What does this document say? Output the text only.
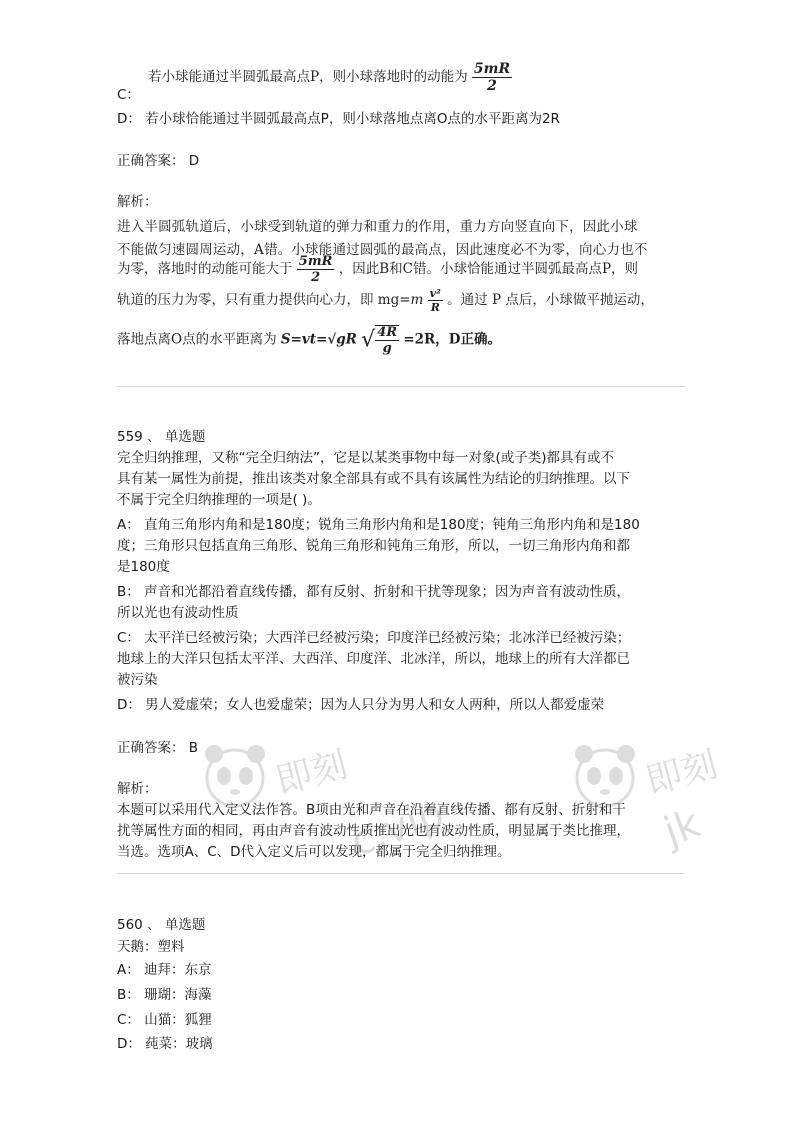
即刻
c.vip
即刻
jk
若小球能通过半圆弧最高点P，则小球落地时的动能为 $\frac{5mR}{2}$
C：
D： 若小球恰能通过半圆弧最高点P，则小球落地点离O点的水平距离为2R
正确答案： D
解析：
进入半圆弧轨道后，小球受到轨道的弹力和重力的作用，重力方向竖直向下，因此小球
不能做匀速圆周运动，A错。小球能通过圆弧的最高点，因此速度必不为零，向心力也不
为零，落地时的动能可能大于 $\frac{5mR}{2}$ ，因此B和C错。小球恰能通过半圆弧最高点P，则
轨道的压力为零，只有重力提供向心力，即 $mg=m \frac{\text{v²}}{R}$ 。通过 P 点后，小球做平抛运动，
落地点离O点的水平距离为 S=vt=√gR √ $\frac{4R}{g} =2R$，D正确。
559 、 单选题
完全归纳推理，又称“完全归纳法”，它是以某类事物中每一对象(或子类)都具有或不
具有某一属性为前提，推出该类对象全部具有或不具有该属性为结论的归纳推理。以下
不属于完全归纳推理的一项是( )。
A： 直角三角形内角和是180度；锐角三角形内角和是180度；钝角三角形内角和是180
度；三角形只包括直角三角形、锐角三角形和钝角三角形，所以，一切三角形内角和都
是180度
B： 声音和光都沿着直线传播，都有反射、折射和干扰等现象；因为声音有波动性质，
所以光也有波动性质
C： 太平洋已经被污染；大西洋已经被污染；印度洋已经被污染；北冰洋已经被污染；
地球上的大洋只包括太平洋、大西洋、印度洋、北冰洋，所以，地球上的所有大洋都已
被污染
D： 男人爱虚荣；女人也爱虚荣；因为人只分为男人和女人两种，所以人都爱虚荣
正确答案： B
解析：
本题可以采用代入定义法作答。B项由光和声音在沿着直线传播、都有反射、折射和干
扰等属性方面的相同，再由声音有波动性质推出光也有波动性质，明显属于类比推理，
当选。选项A、C、D代入定义后可以发现，都属于完全归纳推理。
560 、 单选题
天鹅：塑料
A： 迪拜：东京
B： 珊瑚：海藻
C： 山猫：狐狸
D： 莼菜：玻璃
